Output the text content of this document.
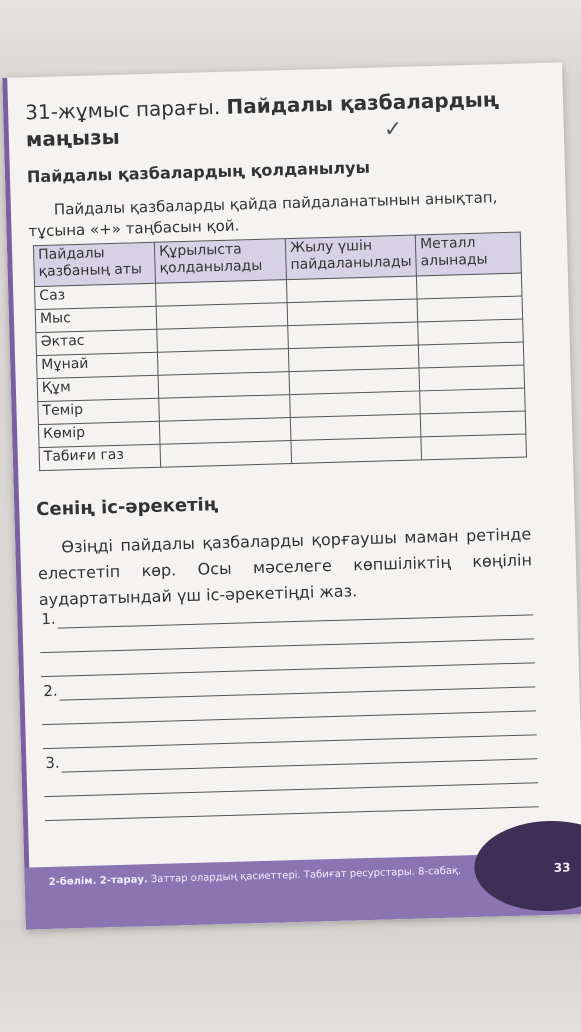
31-жұмыс парағы. Пайдалы қазбалардың маңызы	✓
Пайдалы қазбалардың қолданылуы
Пайдалы қазбаларды қайда пайдаланатынын анықтап, тұсына «+» таңбасын қой.
Пайдалы қазбаның аты	Құрылыста қолданылады	Жылу үшін пайдаланылады	Металл алынады
Саз			
Мыс			
Әктас			
Мұнай			
Құм			
Темір			
Көмір			
Табиғи газ			
Сенің іс-әрекетің
Өзіңді пайдалы қазбаларды қорғаушы маман ретінде елестетіп көр. Осы мәселеге көпшіліктің көңілін аудартатындай үш іс-әрекетіңді жаз.
1.
2.
3.
2-бөлім. 2-тарау. Заттар олардың қасиеттері. Табиғат ресурстары. 8-сабақ.	33
